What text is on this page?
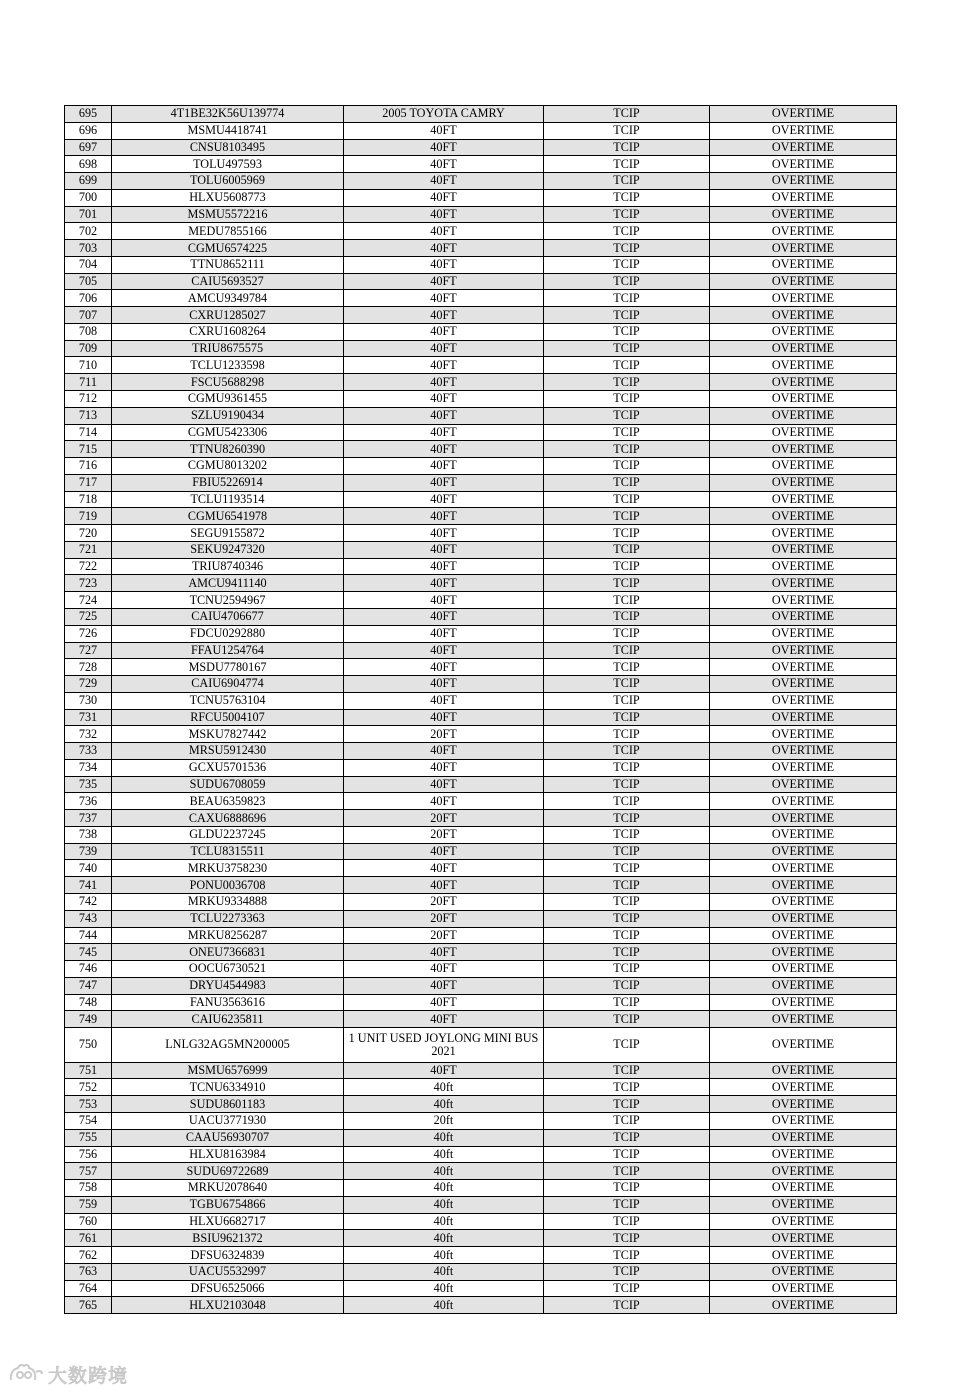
695	4T1BE32K56U139774	2005 TOYOTA CAMRY	TCIP	OVERTIME
696	MSMU4418741	40FT	TCIP	OVERTIME
697	CNSU8103495	40FT	TCIP	OVERTIME
698	TOLU497593	40FT	TCIP	OVERTIME
699	TOLU6005969	40FT	TCIP	OVERTIME
700	HLXU5608773	40FT	TCIP	OVERTIME
701	MSMU5572216	40FT	TCIP	OVERTIME
702	MEDU7855166	40FT	TCIP	OVERTIME
703	CGMU6574225	40FT	TCIP	OVERTIME
704	TTNU8652111	40FT	TCIP	OVERTIME
705	CAIU5693527	40FT	TCIP	OVERTIME
706	AMCU9349784	40FT	TCIP	OVERTIME
707	CXRU1285027	40FT	TCIP	OVERTIME
708	CXRU1608264	40FT	TCIP	OVERTIME
709	TRIU8675575	40FT	TCIP	OVERTIME
710	TCLU1233598	40FT	TCIP	OVERTIME
711	FSCU5688298	40FT	TCIP	OVERTIME
712	CGMU9361455	40FT	TCIP	OVERTIME
713	SZLU9190434	40FT	TCIP	OVERTIME
714	CGMU5423306	40FT	TCIP	OVERTIME
715	TTNU8260390	40FT	TCIP	OVERTIME
716	CGMU8013202	40FT	TCIP	OVERTIME
717	FBIU5226914	40FT	TCIP	OVERTIME
718	TCLU1193514	40FT	TCIP	OVERTIME
719	CGMU6541978	40FT	TCIP	OVERTIME
720	SEGU9155872	40FT	TCIP	OVERTIME
721	SEKU9247320	40FT	TCIP	OVERTIME
722	TRIU8740346	40FT	TCIP	OVERTIME
723	AMCU9411140	40FT	TCIP	OVERTIME
724	TCNU2594967	40FT	TCIP	OVERTIME
725	CAIU4706677	40FT	TCIP	OVERTIME
726	FDCU0292880	40FT	TCIP	OVERTIME
727	FFAU1254764	40FT	TCIP	OVERTIME
728	MSDU7780167	40FT	TCIP	OVERTIME
729	CAIU6904774	40FT	TCIP	OVERTIME
730	TCNU5763104	40FT	TCIP	OVERTIME
731	RFCU5004107	40FT	TCIP	OVERTIME
732	MSKU7827442	20FT	TCIP	OVERTIME
733	MRSU5912430	40FT	TCIP	OVERTIME
734	GCXU5701536	40FT	TCIP	OVERTIME
735	SUDU6708059	40FT	TCIP	OVERTIME
736	BEAU6359823	40FT	TCIP	OVERTIME
737	CAXU6888696	20FT	TCIP	OVERTIME
738	GLDU2237245	20FT	TCIP	OVERTIME
739	TCLU8315511	40FT	TCIP	OVERTIME
740	MRKU3758230	40FT	TCIP	OVERTIME
741	PONU0036708	40FT	TCIP	OVERTIME
742	MRKU9334888	20FT	TCIP	OVERTIME
743	TCLU2273363	20FT	TCIP	OVERTIME
744	MRKU8256287	20FT	TCIP	OVERTIME
745	ONEU7366831	40FT	TCIP	OVERTIME
746	OOCU6730521	40FT	TCIP	OVERTIME
747	DRYU4544983	40FT	TCIP	OVERTIME
748	FANU3563616	40FT	TCIP	OVERTIME
749	CAIU6235811	40FT	TCIP	OVERTIME
750	LNLG32AG5MN200005	1 UNIT USED JOYLONG MINI BUS 2021	TCIP	OVERTIME
751	MSMU6576999	40FT	TCIP	OVERTIME
752	TCNU6334910	40ft	TCIP	OVERTIME
753	SUDU8601183	40ft	TCIP	OVERTIME
754	UACU3771930	20ft	TCIP	OVERTIME
755	CAAU56930707	40ft	TCIP	OVERTIME
756	HLXU8163984	40ft	TCIP	OVERTIME
757	SUDU69722689	40ft	TCIP	OVERTIME
758	MRKU2078640	40ft	TCIP	OVERTIME
759	TGBU6754866	40ft	TCIP	OVERTIME
760	HLXU6682717	40ft	TCIP	OVERTIME
761	BSIU9621372	40ft	TCIP	OVERTIME
762	DFSU6324839	40ft	TCIP	OVERTIME
763	UACU5532997	40ft	TCIP	OVERTIME
764	DFSU6525066	40ft	TCIP	OVERTIME
765	HLXU2103048	40ft	TCIP	OVERTIME
大数跨境
